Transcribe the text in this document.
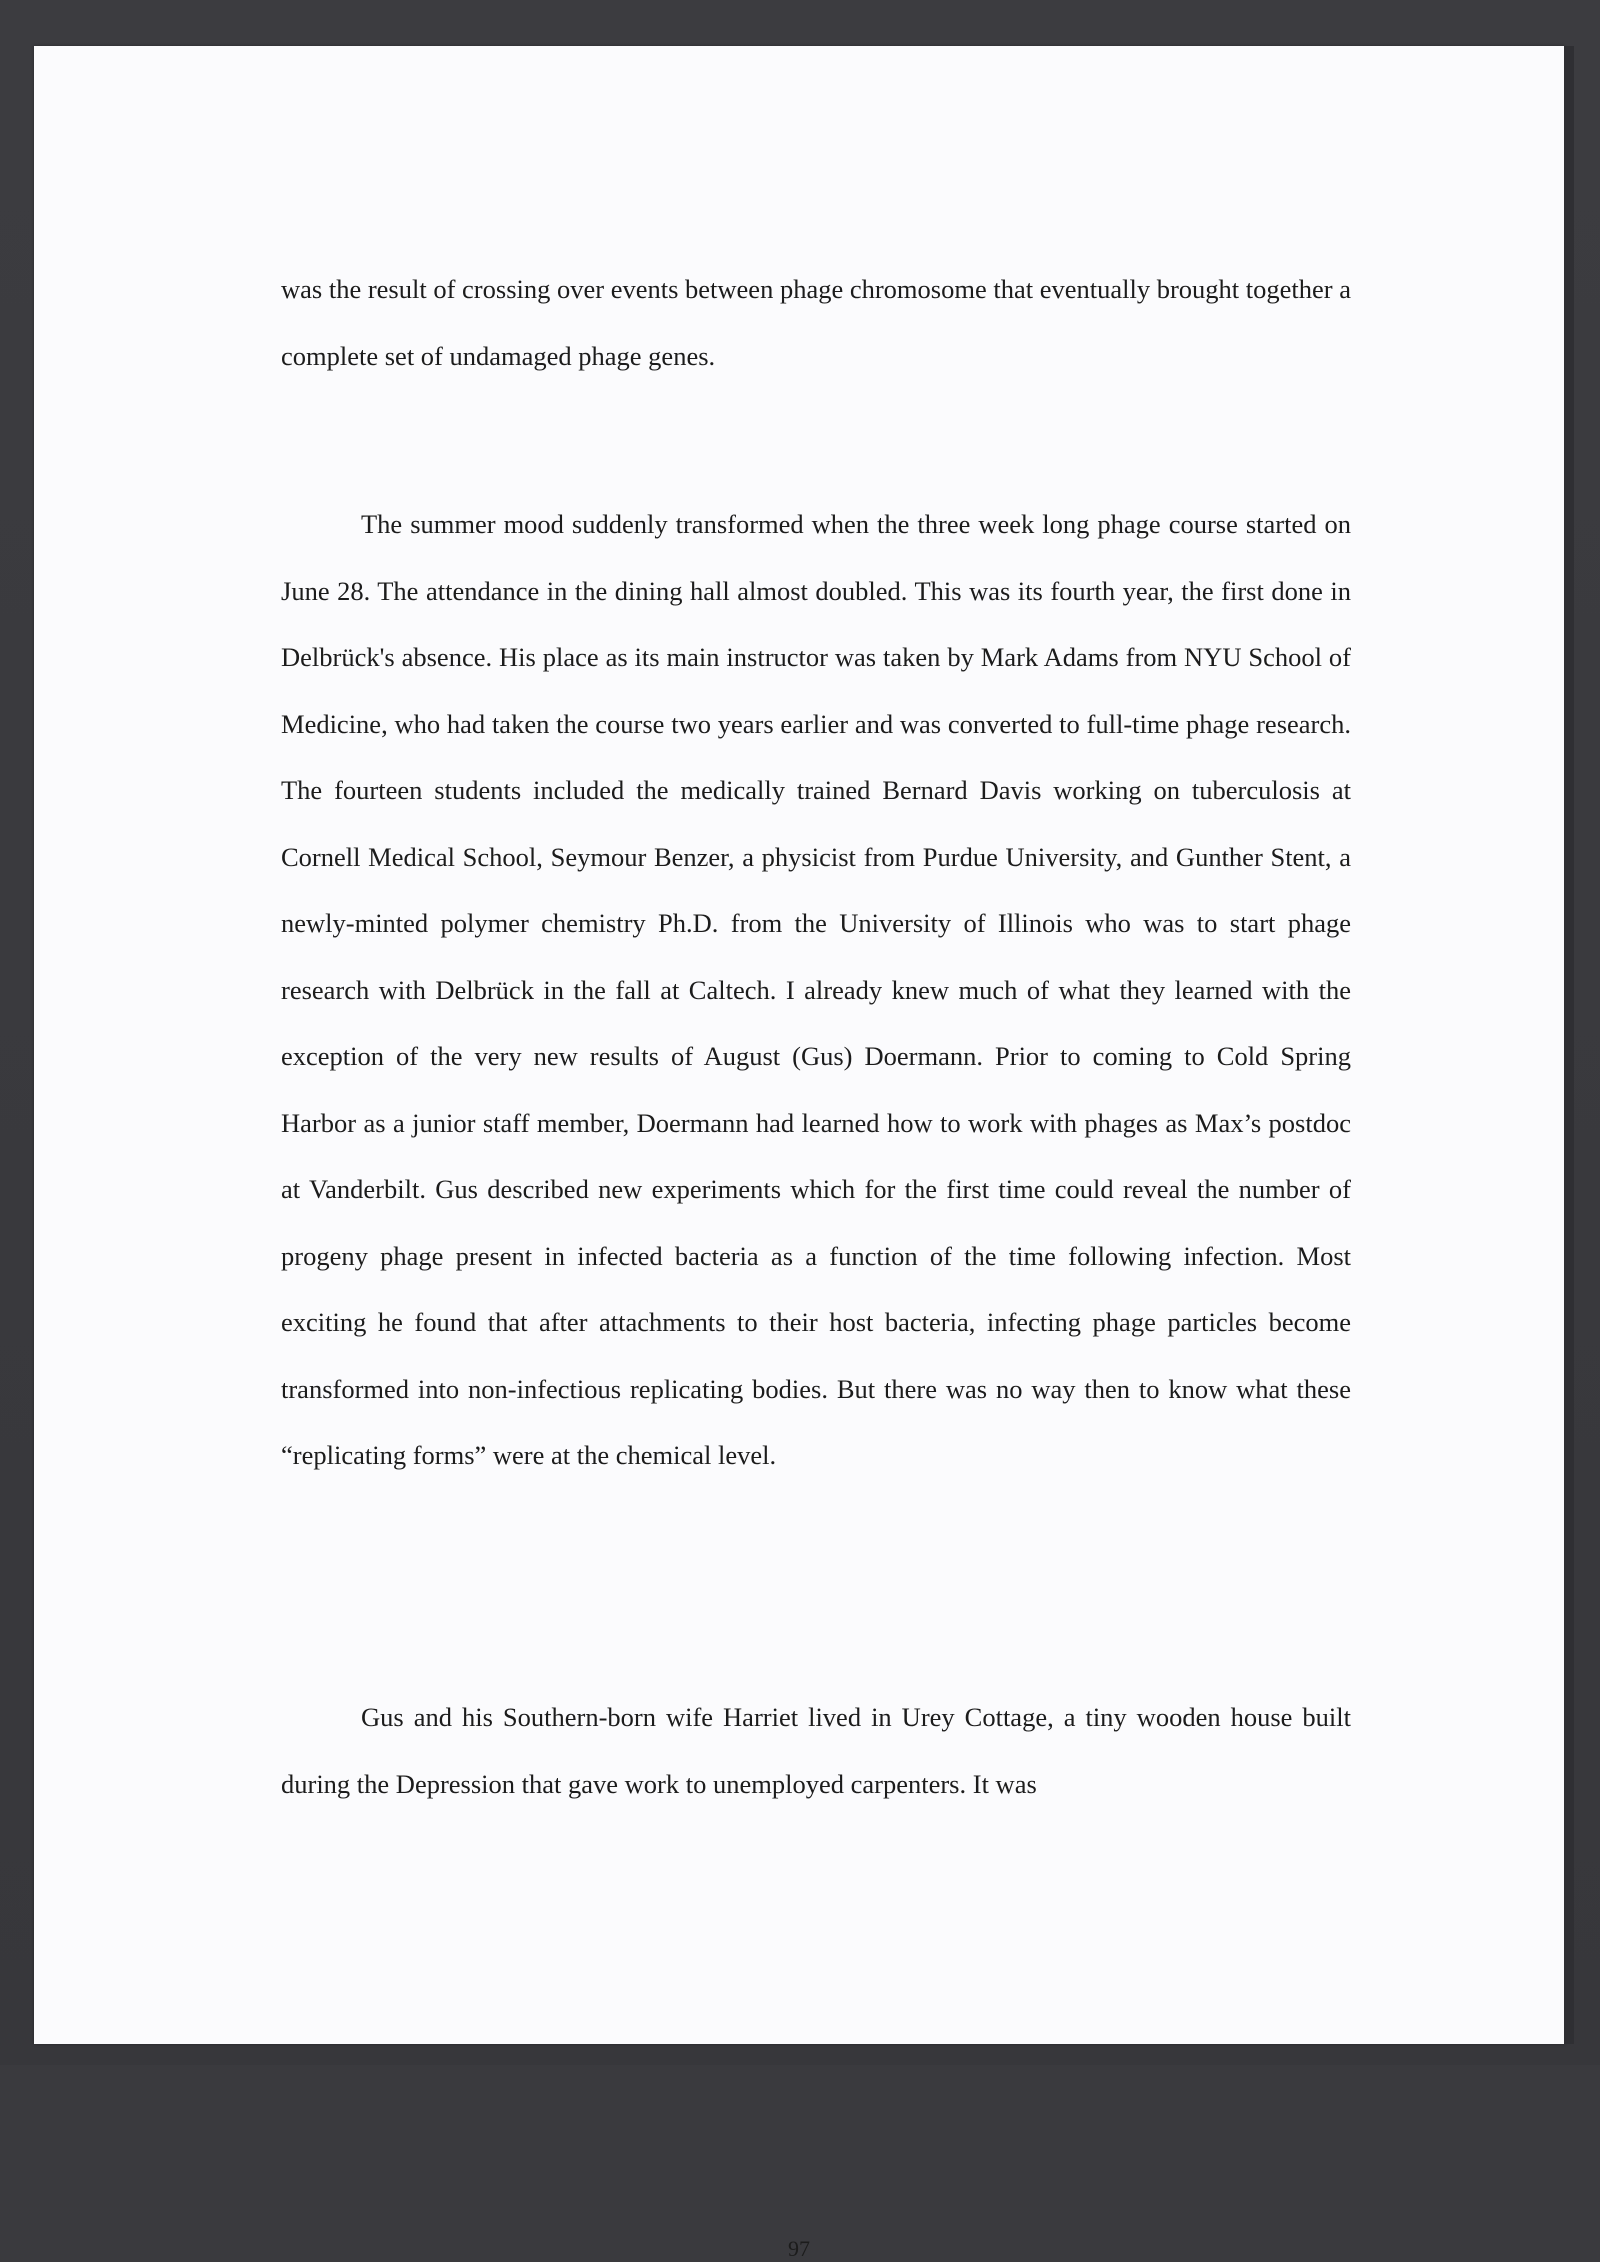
was the result of crossing over events between phage chromosome that eventually brought together a complete set of undamaged phage genes.

The summer mood suddenly transformed when the three week long phage course started on June 28. The attendance in the dining hall almost doubled. This was its fourth year, the first done in Delbrück's absence. His place as its main instructor was taken by Mark Adams from NYU School of Medicine, who had taken the course two years earlier and was converted to full-time phage research. The fourteen students included the medically trained Bernard Davis working on tuberculosis at Cornell Medical School, Seymour Benzer, a physicist from Purdue University, and Gunther Stent, a newly-minted polymer chemistry Ph.D. from the University of Illinois who was to start phage research with Delbrück in the fall at Caltech. I already knew much of what they learned with the exception of the very new results of August (Gus) Doermann. Prior to coming to Cold Spring Harbor as a junior staff member, Doermann had learned how to work with phages as Max’s postdoc at Vanderbilt. Gus described new experiments which for the first time could reveal the number of progeny phage present in infected bacteria as a function of the time following infection. Most exciting he found that after attachments to their host bacteria, infecting phage particles become transformed into non-infectious replicating bodies. But there was no way then to know what these “replicating forms” were at the chemical level.

Gus and his Southern-born wife Harriet lived in Urey Cottage, a tiny wooden house built during the Depression that gave work to unemployed carpenters. It was

97
